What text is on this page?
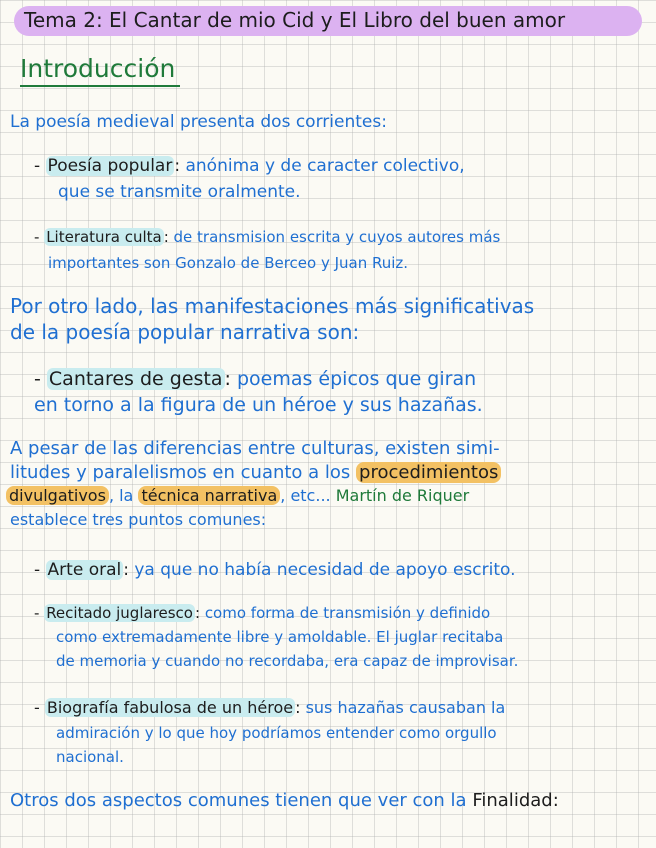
Tema 2: El Cantar de mio Cid y El Libro del buen amor
Introducción
La poesía medieval presenta dos corrientes:
- Poesía popular : anónima y de caracter colectivo,
que se transmite oralmente.
- Literatura culta : de transmision escrita y cuyos autores más
importantes son Gonzalo de Berceo y Juan Ruiz.
Por otro lado, las manifestaciones más significativas
de la poesía popular narrativa son:
- Cantares de gesta : poemas épicos que giran
en torno a la figura de un héroe y sus hazañas.
A pesar de las diferencias entre culturas, existen simi-
litudes y paralelismos en cuanto a los procedimientos
divulgativos , la técnica narrativa , etc... Martín de Riquer
establece tres puntos comunes:
- Arte oral : ya que no había necesidad de apoyo escrito.
- Recitado juglaresco : como forma de transmisión y definido
como extremadamente libre y amoldable. El juglar recitaba
de memoria y cuando no recordaba, era capaz de improvisar.
- Biografía fabulosa de un héroe : sus hazañas causaban la
admiración y lo que hoy podríamos entender como orgullo
nacional.
Otros dos aspectos comunes tienen que ver con la Finalidad:
